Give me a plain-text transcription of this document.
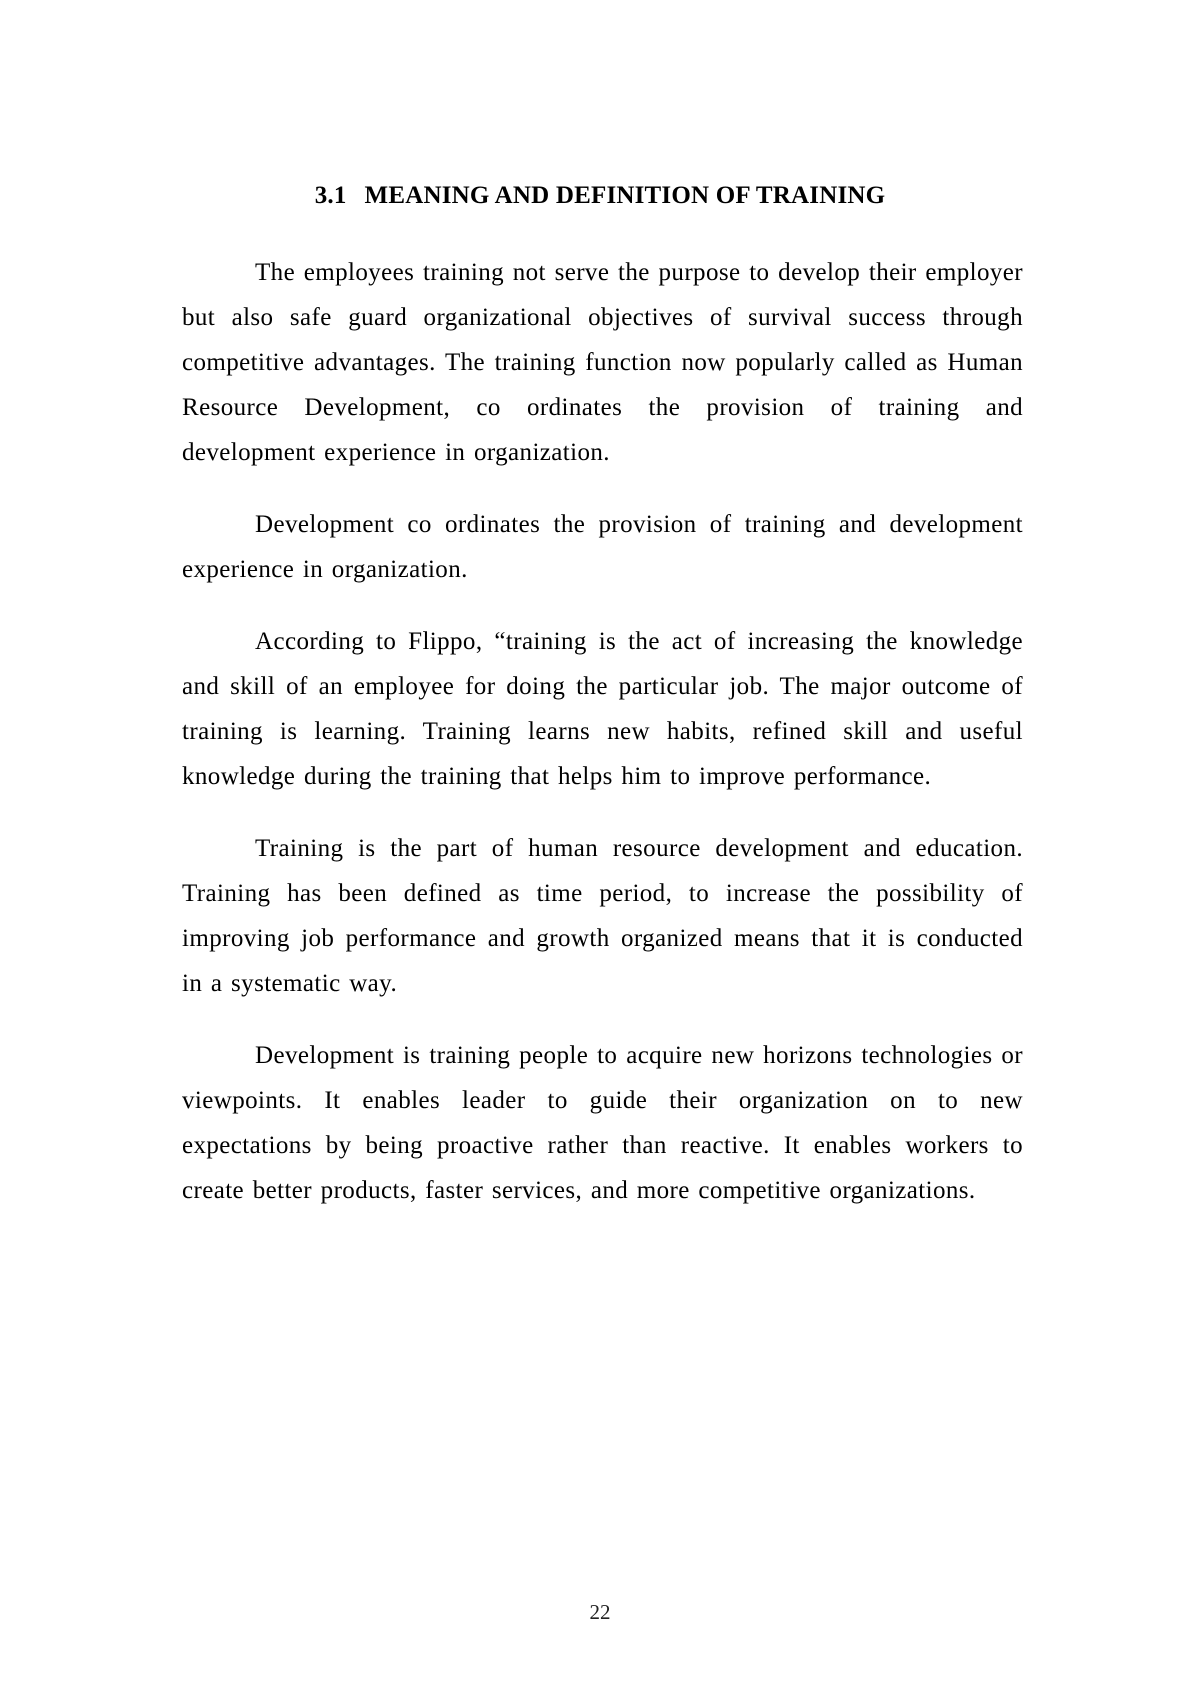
3.1 MEANING AND DEFINITION OF TRAINING

The employees training not serve the purpose to develop their employer but also safe guard organizational objectives of survival success through competitive advantages. The training function now popularly called as Human Resource Development, co ordinates the provision of training and development experience in organization.

Development co ordinates the provision of training and development experience in organization.

According to Flippo, “training is the act of increasing the knowledge and skill of an employee for doing the particular job. The major outcome of training is learning. Training learns new habits, refined skill and useful knowledge during the training that helps him to improve performance.

Training is the part of human resource development and education. Training has been defined as time period, to increase the possibility of improving job performance and growth organized means that it is conducted in a systematic way.

Development is training people to acquire new horizons technologies or viewpoints. It enables leader to guide their organization on to new expectations by being proactive rather than reactive. It enables workers to create better products, faster services, and more competitive organizations.

22
